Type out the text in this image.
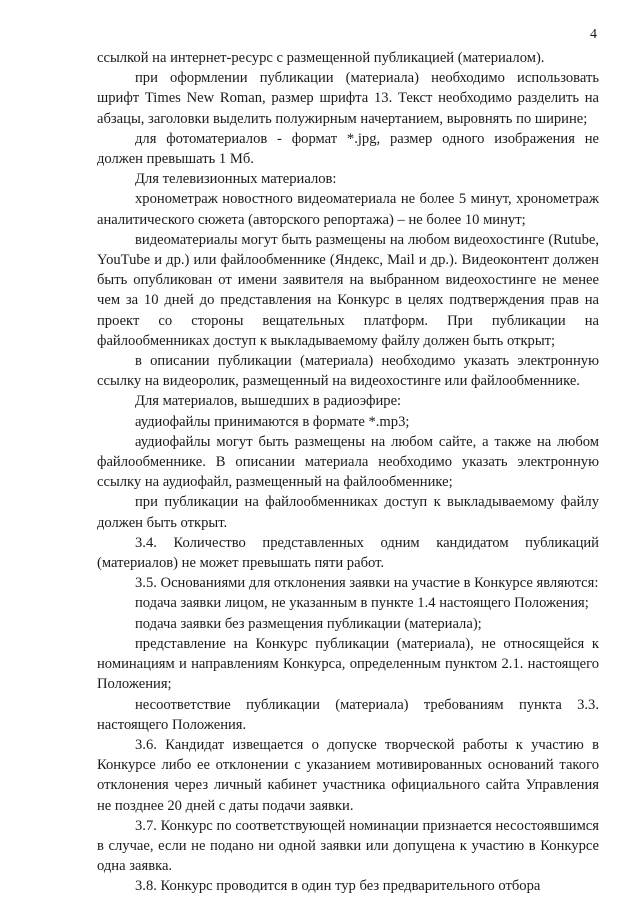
4

ссылкой на интернет-ресурс с размещенной публикацией (материалом).

при оформлении публикации (материала) необходимо использовать шрифт Times New Roman, размер шрифта 13. Текст необходимо разделить на абзацы, заголовки выделить полужирным начертанием, выровнять по ширине;

для фотоматериалов - формат *.jpg, размер одного изображения не должен превышать 1 Мб.

Для телевизионных материалов:

хронометраж новостного видеоматериала не более 5 минут, хронометраж аналитического сюжета (авторского репортажа) – не более 10 минут;

видеоматериалы могут быть размещены на любом видеохостинге (Rutube, YouTube и др.) или файлообменнике (Яндекс, Mail и др.). Видеоконтент должен быть опубликован от имени заявителя на выбранном видеохостинге не менее чем за 10 дней до представления на Конкурс в целях подтверждения прав на проект со стороны вещательных платформ. При публикации на файлообменниках доступ к выкладываемому файлу должен быть открыт;

в описании публикации (материала) необходимо указать электронную ссылку на видеоролик, размещенный на видеохостинге или файлообменнике.

Для материалов, вышедших в радиоэфире:

аудиофайлы принимаются в формате *.mp3;

аудиофайлы могут быть размещены на любом сайте, а также на любом файлообменнике. В описании материала необходимо указать электронную ссылку на аудиофайл, размещенный на файлообменнике;

при публикации на файлообменниках доступ к выкладываемому файлу должен быть открыт.

3.4. Количество представленных одним кандидатом публикаций (материалов) не может превышать пяти работ.

3.5. Основаниями для отклонения заявки на участие в Конкурсе являются:

подача заявки лицом, не указанным в пункте 1.4 настоящего Положения;

подача заявки без размещения публикации (материала);

представление на Конкурс публикации (материала), не относящейся к номинациям и направлениям Конкурса, определенным пунктом 2.1. настоящего Положения;

несоответствие публикации (материала) требованиям пункта 3.3. настоящего Положения.

3.6. Кандидат извещается о допуске творческой работы к участию в Конкурсе либо ее отклонении с указанием мотивированных оснований такого отклонения через личный кабинет участника официального сайта Управления не позднее 20 дней с даты подачи заявки.

3.7. Конкурс по соответствующей номинации признается несостоявшимся в случае, если не подано ни одной заявки или допущена к участию в Конкурсе одна заявка.

3.8. Конкурс проводится в один тур без предварительного отбора
